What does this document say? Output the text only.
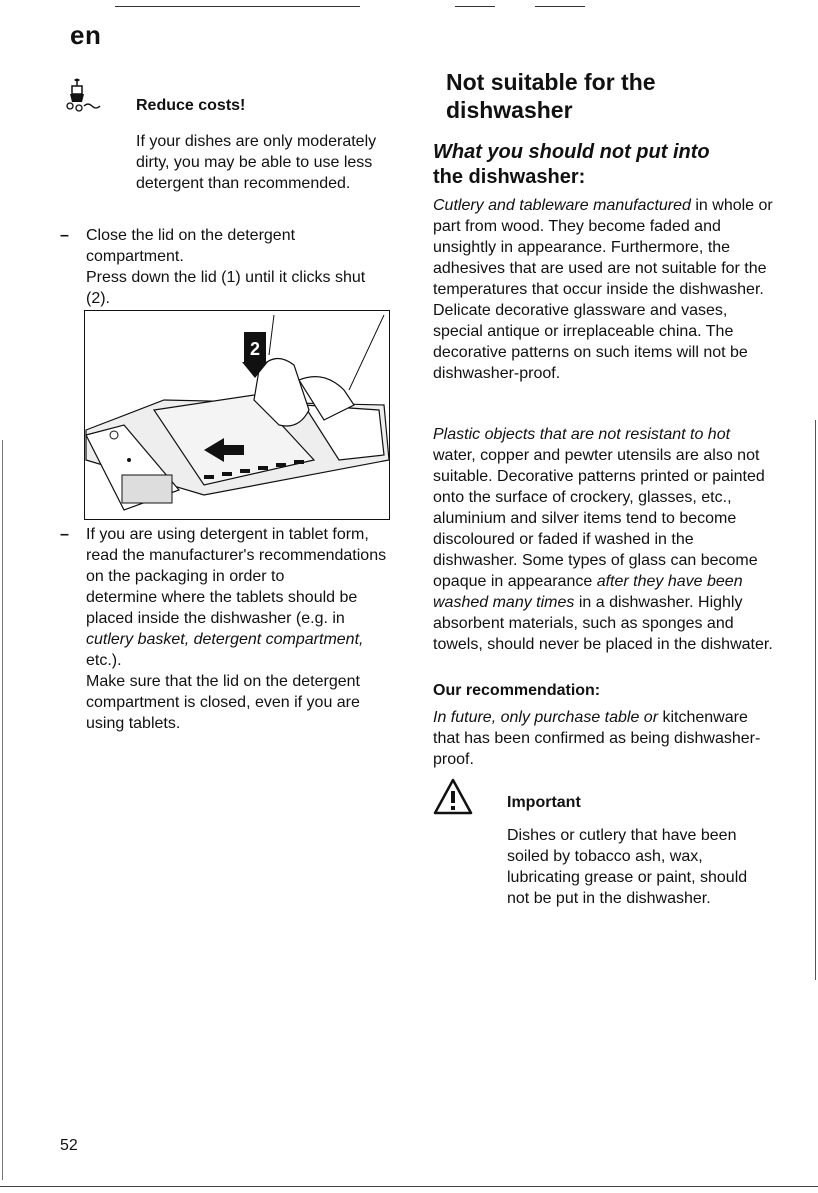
en
Reduce costs!
If your dishes are only moderately dirty, you may be able to use less detergent than recommended.
– Close the lid on the detergent compartment.
Press down the lid (1) until it clicks shut (2).
2
– If you are using detergent in tablet form, read the manufacturer's recommendations on the packaging in order to
determine where the tablets should be placed inside the dishwasher (e.g. in cutlery basket, detergent compartment, etc.).
Make sure that the lid on the detergent compartment is closed, even if you are using tablets.
Not suitable for the dishwasher
What you should not put into
the dishwasher:
Cutlery and tableware manufactured in whole or part from wood. They become faded and unsightly in appearance. Furthermore, the adhesives that are used are not suitable for the temperatures that occur inside the dishwasher. Delicate decorative glassware and vases, special antique or irreplaceable china. The decorative patterns on such items will not be dishwasher-proof.
Plastic objects that are not resistant to hot water, copper and pewter utensils are also not suitable. Decorative patterns printed or painted onto the surface of crockery, glasses, etc., aluminium and silver items tend to become discoloured or faded if washed in the dishwasher. Some types of glass can become opaque in appearance after they have been washed many times in a dishwasher. Highly absorbent materials, such as sponges and towels, should never be placed in the dishwater.
Our recommendation:
In future, only purchase table or kitchenware that has been confirmed as being dishwasher-proof.
Important
Dishes or cutlery that have been soiled by tobacco ash, wax, lubricating grease or paint, should not be put in the dishwasher.
52
